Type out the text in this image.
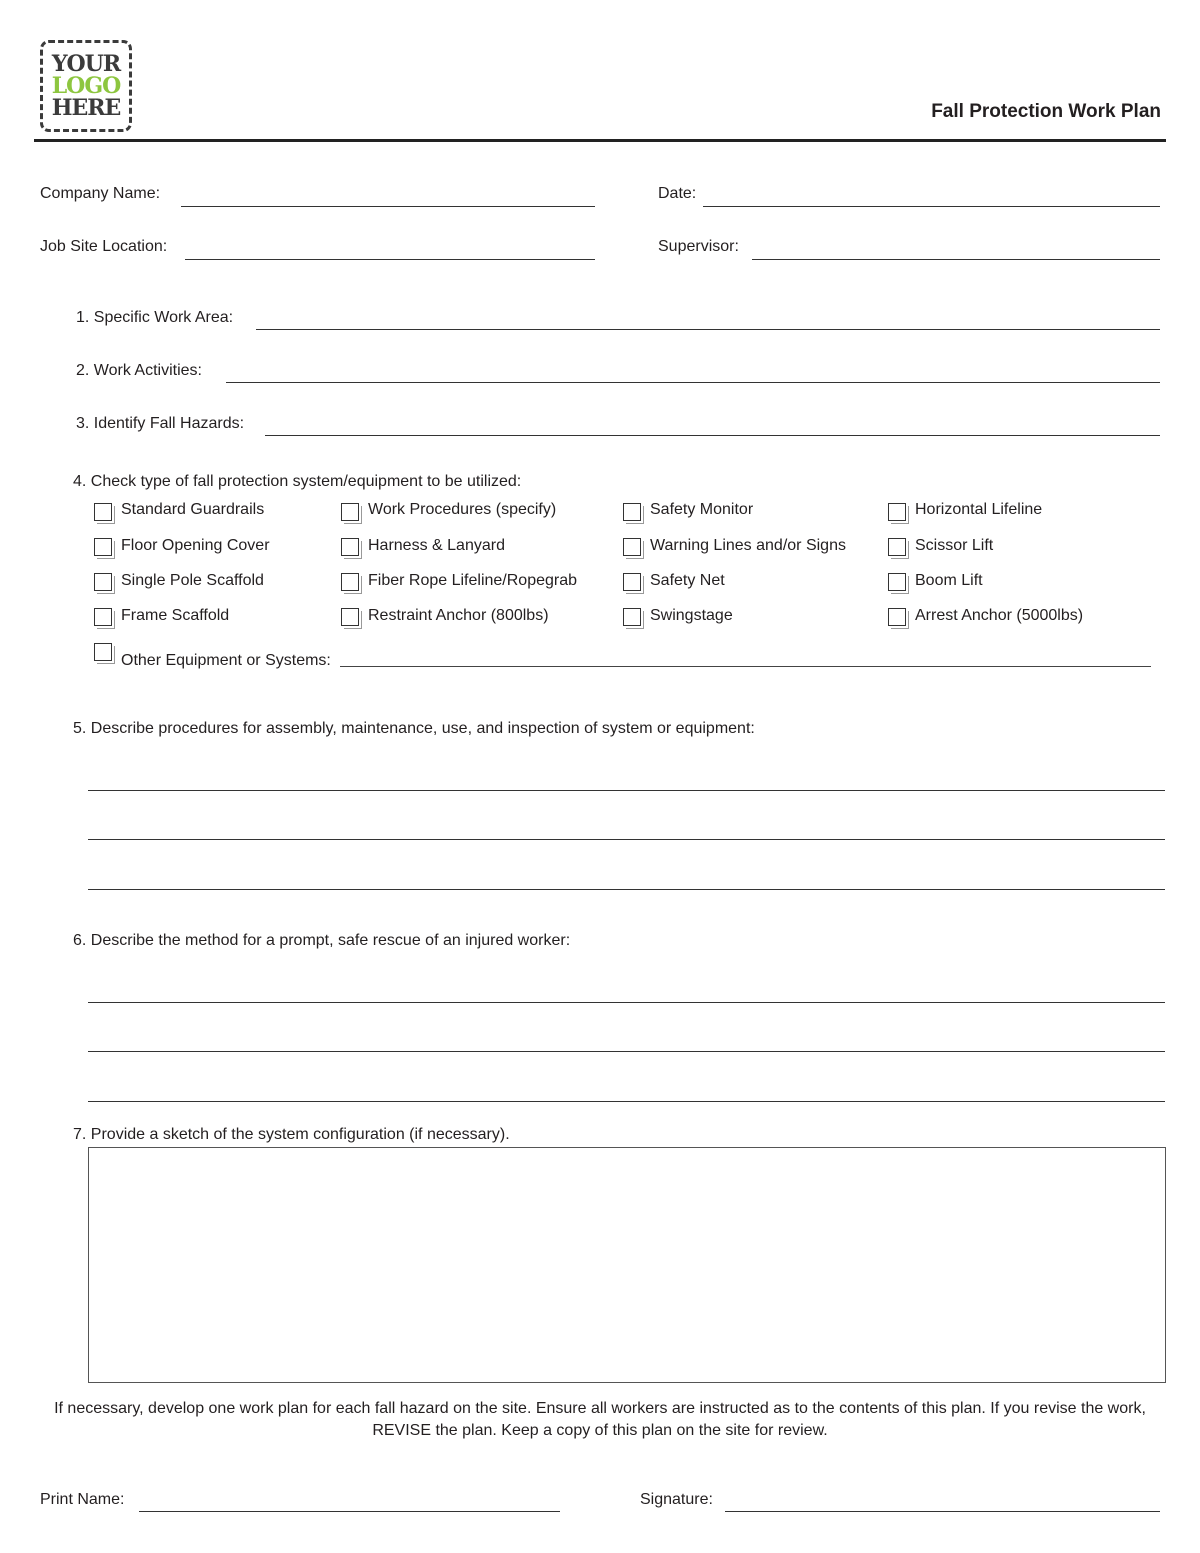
YOUR
LOGO
HERE	Fall Protection Work Plan
Company Name:	Date:
Job Site Location:	Supervisor:
1. Specific Work Area:
2. Work Activities:
3. Identify Fall Hazards:
4. Check type of fall protection system/equipment to be utilized:
Standard Guardrails	Work Procedures (specify)	Safety Monitor	Horizontal Lifeline
Floor Opening Cover	Harness & Lanyard	Warning Lines and/or Signs	Scissor Lift
Single Pole Scaffold	Fiber Rope Lifeline/Ropegrab	Safety Net	Boom Lift
Frame Scaffold	Restraint Anchor (800lbs)	Swingstage	Arrest Anchor (5000lbs)
Other Equipment or Systems:
5. Describe procedures for assembly, maintenance, use, and inspection of system or equipment:
6. Describe the method for a prompt, safe rescue of an injured worker:
7. Provide a sketch of the system configuration (if necessary).
If necessary, develop one work plan for each fall hazard on the site. Ensure all workers are instructed as to the contents of this plan. If you revise the work, REVISE the plan. Keep a copy of this plan on the site for review.
Print Name:	Signature:
